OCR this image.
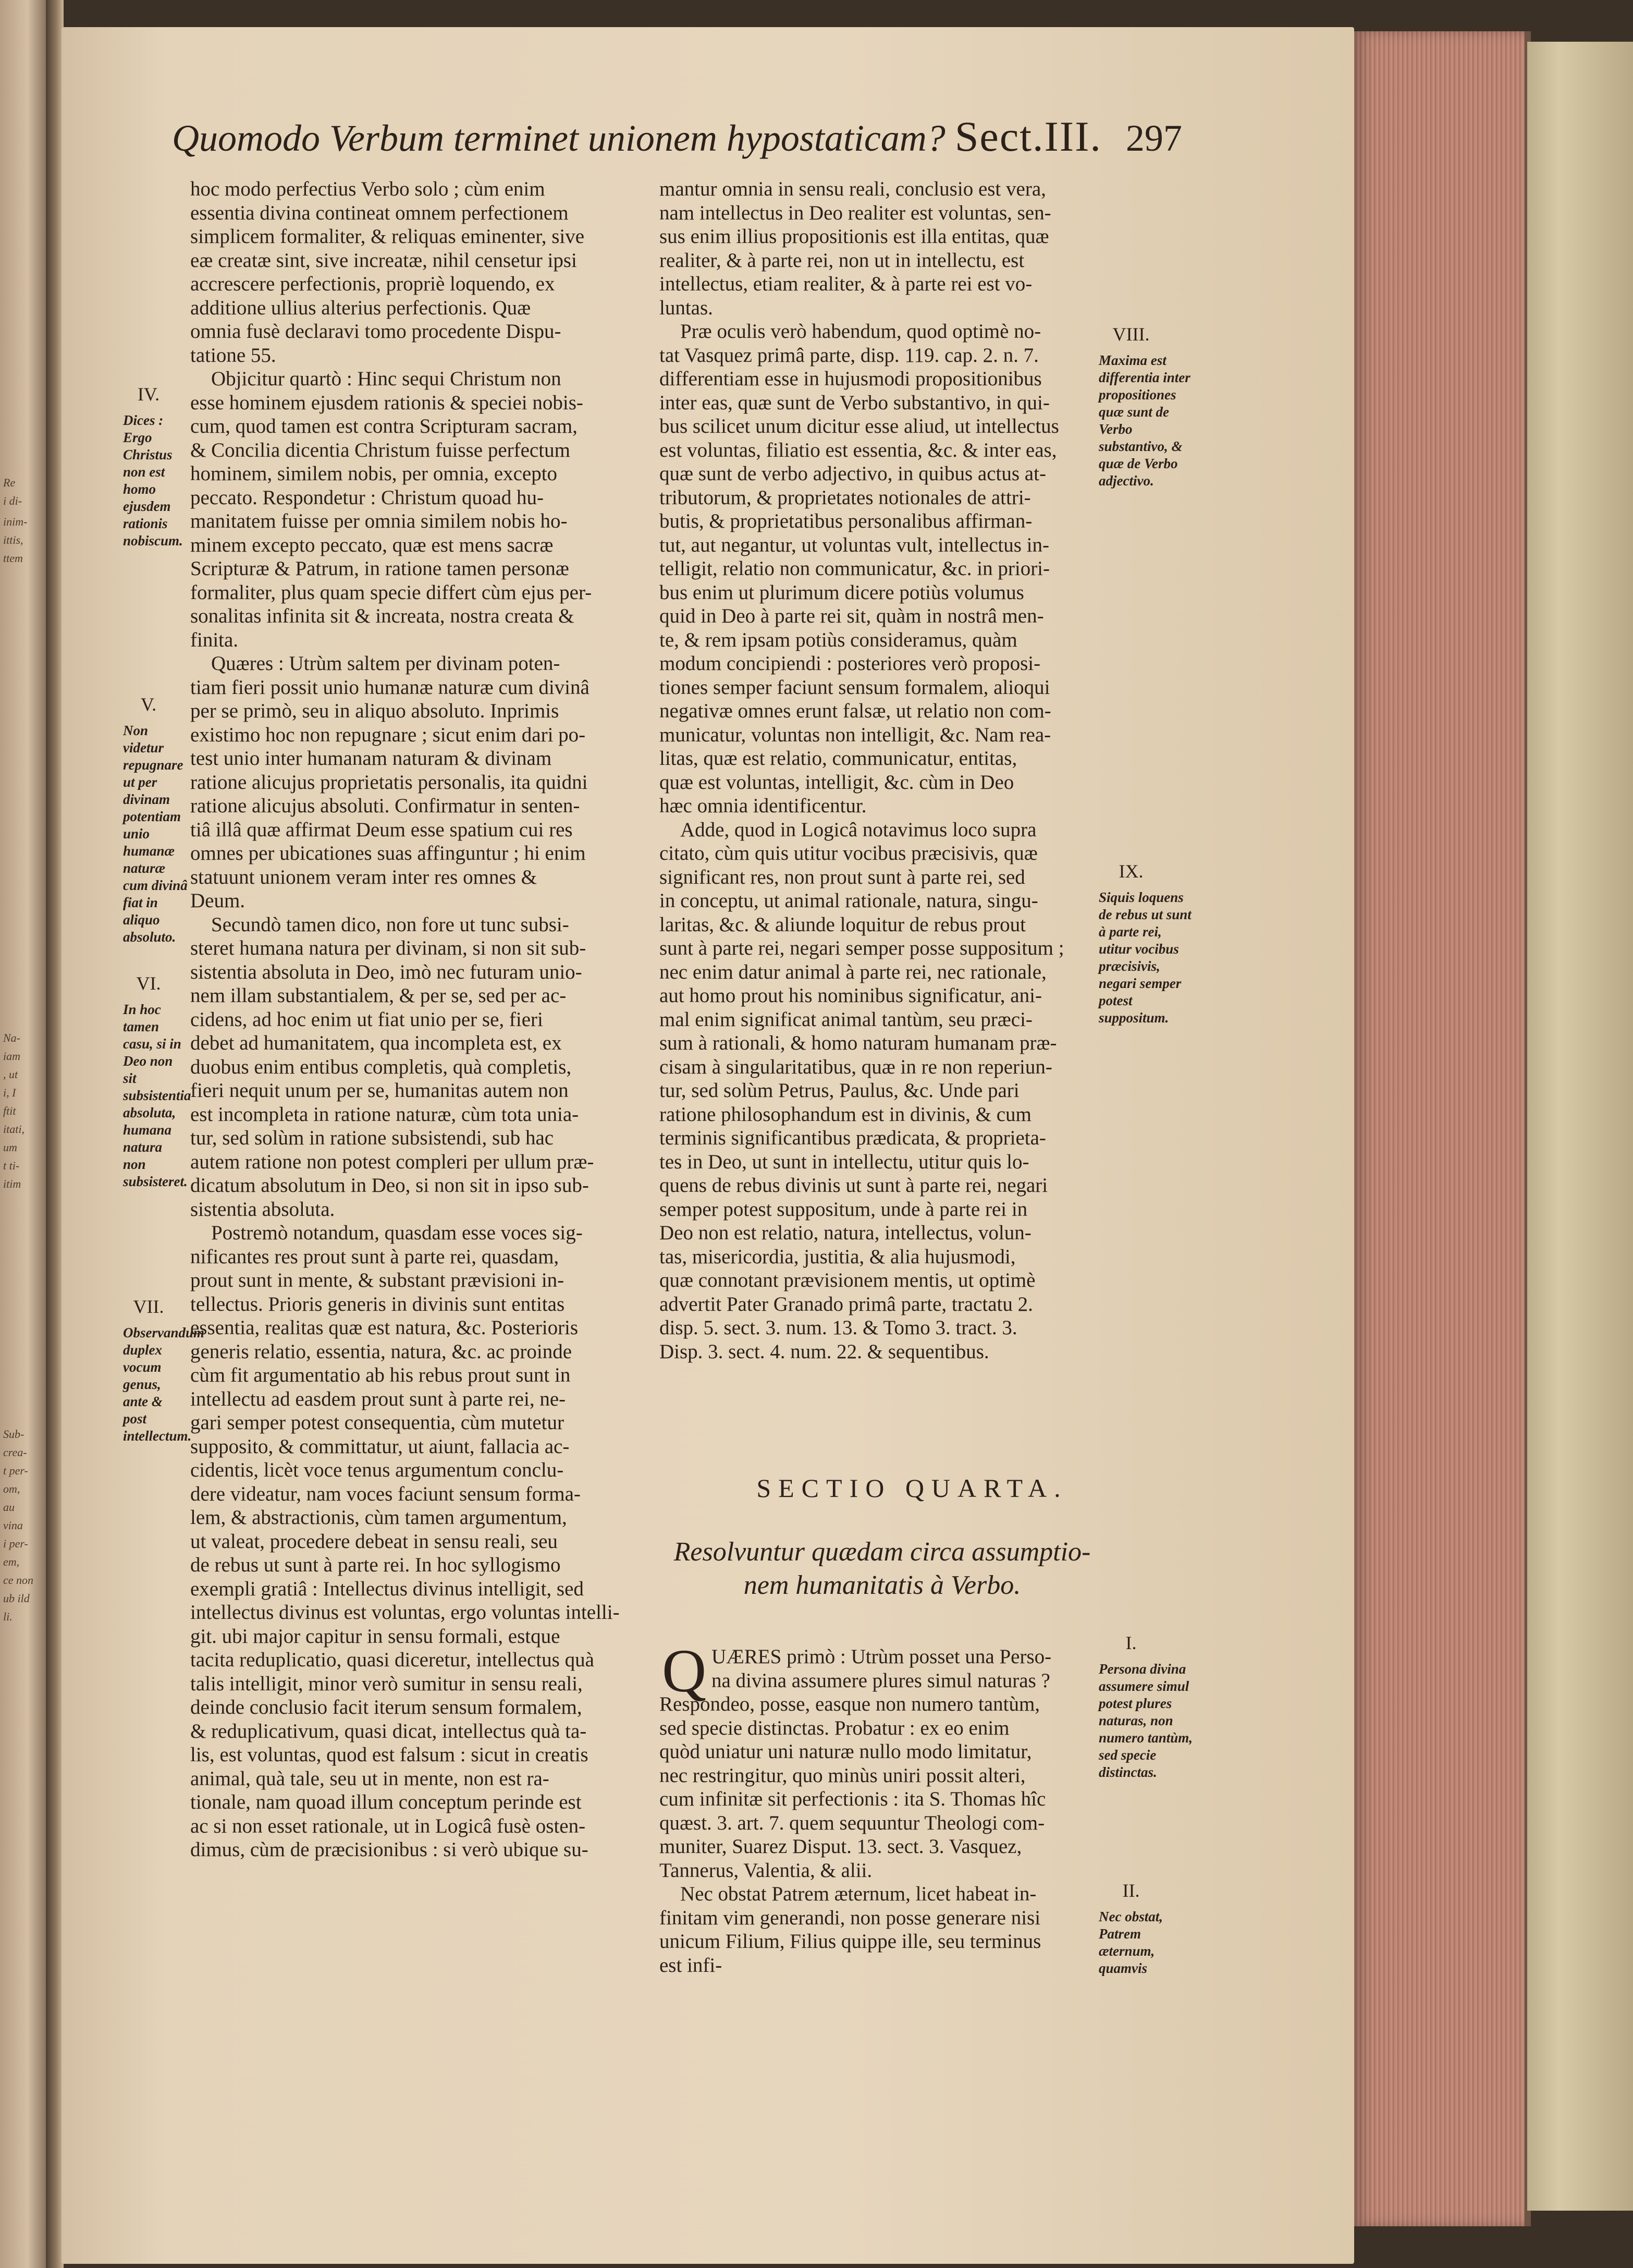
Re
i di-
inim-
ittis,
ttem
Na-
iam
, ut
i, I
ftit
itati,
um
t ti-
itim
Sub-
crea-
t per-
om,
au
vina
i per-
em,
ce non
ub ild
li.
Quomodo Verbum terminet unionem hypostaticam? Sect.III. 297
hoc modo perfectius Verbo solo ; cùm enim
essentia divina contineat omnem perfectionem
simplicem formaliter, & reliquas eminenter, sive
eæ creatæ sint, sive increatæ, nihil censetur ipsi
accrescere perfectionis, propriè loquendo, ex
additione ullius alterius perfectionis. Quæ
omnia fusè declaravi tomo procedente Dispu-
tatione 55.
Objicitur quartò : Hinc sequi Christum non
esse hominem ejusdem rationis & speciei nobis-
cum, quod tamen est contra Scripturam sacram,
& Concilia dicentia Christum fuisse perfectum
hominem, similem nobis, per omnia, excepto
peccato. Respondetur : Christum quoad hu-
manitatem fuisse per omnia similem nobis ho-
minem excepto peccato, quæ est mens sacræ
Scripturæ & Patrum, in ratione tamen personæ
formaliter, plus quam specie differt cùm ejus per-
sonalitas infinita sit & increata, nostra creata &
finita.
Quæres : Utrùm saltem per divinam poten-
tiam fieri possit unio humanæ naturæ cum divinâ
per se primò, seu in aliquo absoluto. Inprimis
existimo hoc non repugnare ; sicut enim dari po-
test unio inter humanam naturam & divinam
ratione alicujus proprietatis personalis, ita quidni
ratione alicujus absoluti. Confirmatur in senten-
tiâ illâ quæ affirmat Deum esse spatium cui res
omnes per ubicationes suas affinguntur ; hi enim
statuunt unionem veram inter res omnes &
Deum.
Secundò tamen dico, non fore ut tunc subsi-
steret humana natura per divinam, si non sit sub-
sistentia absoluta in Deo, imò nec futuram unio-
nem illam substantialem, & per se, sed per ac-
cidens, ad hoc enim ut fiat unio per se, fieri
debet ad humanitatem, qua incompleta est, ex
duobus enim entibus completis, quà completis,
fieri nequit unum per se, humanitas autem non
est incompleta in ratione naturæ, cùm tota unia-
tur, sed solùm in ratione subsistendi, sub hac
autem ratione non potest compleri per ullum præ-
dicatum absolutum in Deo, si non sit in ipso sub-
sistentia absoluta.
Postremò notandum, quasdam esse voces sig-
nificantes res prout sunt à parte rei, quasdam,
prout sunt in mente, & substant prævisioni in-
tellectus. Prioris generis in divinis sunt entitas
essentia, realitas quæ est natura, &c. Posterioris
generis relatio, essentia, natura, &c. ac proinde
cùm fit argumentatio ab his rebus prout sunt in
intellectu ad easdem prout sunt à parte rei, ne-
gari semper potest consequentia, cùm mutetur
supposito, & committatur, ut aiunt, fallacia ac-
cidentis, licèt voce tenus argumentum conclu-
dere videatur, nam voces faciunt sensum forma-
lem, & abstractionis, cùm tamen argumentum,
ut valeat, procedere debeat in sensu reali, seu
de rebus ut sunt à parte rei. In hoc syllogismo
exempli gratiâ : Intellectus divinus intelligit, sed
intellectus divinus est voluntas, ergo voluntas intelli-
git. ubi major capitur in sensu formali, estque
tacita reduplicatio, quasi diceretur, intellectus quà
talis intelligit, minor verò sumitur in sensu reali,
deinde conclusio facit iterum sensum formalem,
& reduplicativum, quasi dicat, intellectus quà ta-
lis, est voluntas, quod est falsum : sicut in creatis
animal, quà tale, seu ut in mente, non est ra-
tionale, nam quoad illum conceptum perinde est
ac si non esset rationale, ut in Logicâ fusè osten-
dimus, cùm de præcisionibus : si verò ubique su-
mantur omnia in sensu reali, conclusio est vera,
nam intellectus in Deo realiter est voluntas, sen-
sus enim illius propositionis est illa entitas, quæ
realiter, & à parte rei, non ut in intellectu, est
intellectus, etiam realiter, & à parte rei est vo-
luntas.
Præ oculis verò habendum, quod optimè no-
tat Vasquez primâ parte, disp. 119. cap. 2. n. 7.
differentiam esse in hujusmodi propositionibus
inter eas, quæ sunt de Verbo substantivo, in qui-
bus scilicet unum dicitur esse aliud, ut intellectus
est voluntas, filiatio est essentia, &c. & inter eas,
quæ sunt de verbo adjectivo, in quibus actus at-
tributorum, & proprietates notionales de attri-
butis, & proprietatibus personalibus affirman-
tut, aut negantur, ut voluntas vult, intellectus in-
telligit, relatio non communicatur, &c. in priori-
bus enim ut plurimum dicere potiùs volumus
quid in Deo à parte rei sit, quàm in nostrâ men-
te, & rem ipsam potiùs consideramus, quàm
modum concipiendi : posteriores verò proposi-
tiones semper faciunt sensum formalem, alioqui
negativæ omnes erunt falsæ, ut relatio non com-
municatur, voluntas non intelligit, &c. Nam rea-
litas, quæ est relatio, communicatur, entitas,
quæ est voluntas, intelligit, &c. cùm in Deo
hæc omnia identificentur.
Adde, quod in Logicâ notavimus loco supra
citato, cùm quis utitur vocibus præcisivis, quæ
significant res, non prout sunt à parte rei, sed
in conceptu, ut animal rationale, natura, singu-
laritas, &c. & aliunde loquitur de rebus prout
sunt à parte rei, negari semper posse suppositum ;
nec enim datur animal à parte rei, nec rationale,
aut homo prout his nominibus significatur, ani-
mal enim significat animal tantùm, seu præci-
sum à rationali, & homo naturam humanam præ-
cisam à singularitatibus, quæ in re non reperiun-
tur, sed solùm Petrus, Paulus, &c. Unde pari
ratione philosophandum est in divinis, & cum
terminis significantibus prædicata, & proprieta-
tes in Deo, ut sunt in intellectu, utitur quis lo-
quens de rebus divinis ut sunt à parte rei, negari
semper potest suppositum, unde à parte rei in
Deo non est relatio, natura, intellectus, volun-
tas, misericordia, justitia, & alia hujusmodi,
quæ connotant prævisionem mentis, ut optimè
advertit Pater Granado primâ parte, tractatu 2.
disp. 5. sect. 3. num. 13. & Tomo 3. tract. 3.
Disp. 3. sect. 4. num. 22. & sequentibus.
SECTIO QUARTA.
Resolvuntur quædam circa assumptio-
nem humanitatis à Verbo.
Q UÆRES primò : Utrùm posset una Perso-
na divina assumere plures simul naturas ?
Respondeo, posse, easque non numero tantùm,
sed specie distinctas. Probatur : ex eo enim
quòd uniatur uni naturæ nullo modo limitatur,
nec restringitur, quo minùs uniri possit alteri,
cum infinitæ sit perfectionis : ita S. Thomas hîc
quæst. 3. art. 7. quem sequuntur Theologi com-
muniter, Suarez Disput. 13. sect. 3. Vasquez,
Tannerus, Valentia, & alii.
Nec obstat Patrem æternum, licet habeat in-
finitam vim generandi, non posse generare nisi
unicum Filium, Filius quippe ille, seu terminus
est infi-
IV.
Dices : Ergo Christus non est homo ejusdem rationis nobiscum.
V.
Non videtur repugnare ut per divinam potentiam unio humanæ naturæ cum divinâ fiat in aliquo absoluto.
VI.
In hoc tamen casu, si in Deo non sit subsistentia absoluta, humana natura non subsisteret.
VII.
Observandum duplex vocum genus, ante & post intellectum.
VIII.
Maxima est differentia inter propositiones quæ sunt de Verbo substantivo, & quæ de Verbo adjectivo.
IX.
Siquis loquens de rebus ut sunt à parte rei, utitur vocibus præcisivis, negari semper potest suppositum.
I.
Persona divina assumere simul potest plures naturas, non numero tantùm, sed specie distinctas.
II.
Nec obstat, Patrem æternum, quamvis
